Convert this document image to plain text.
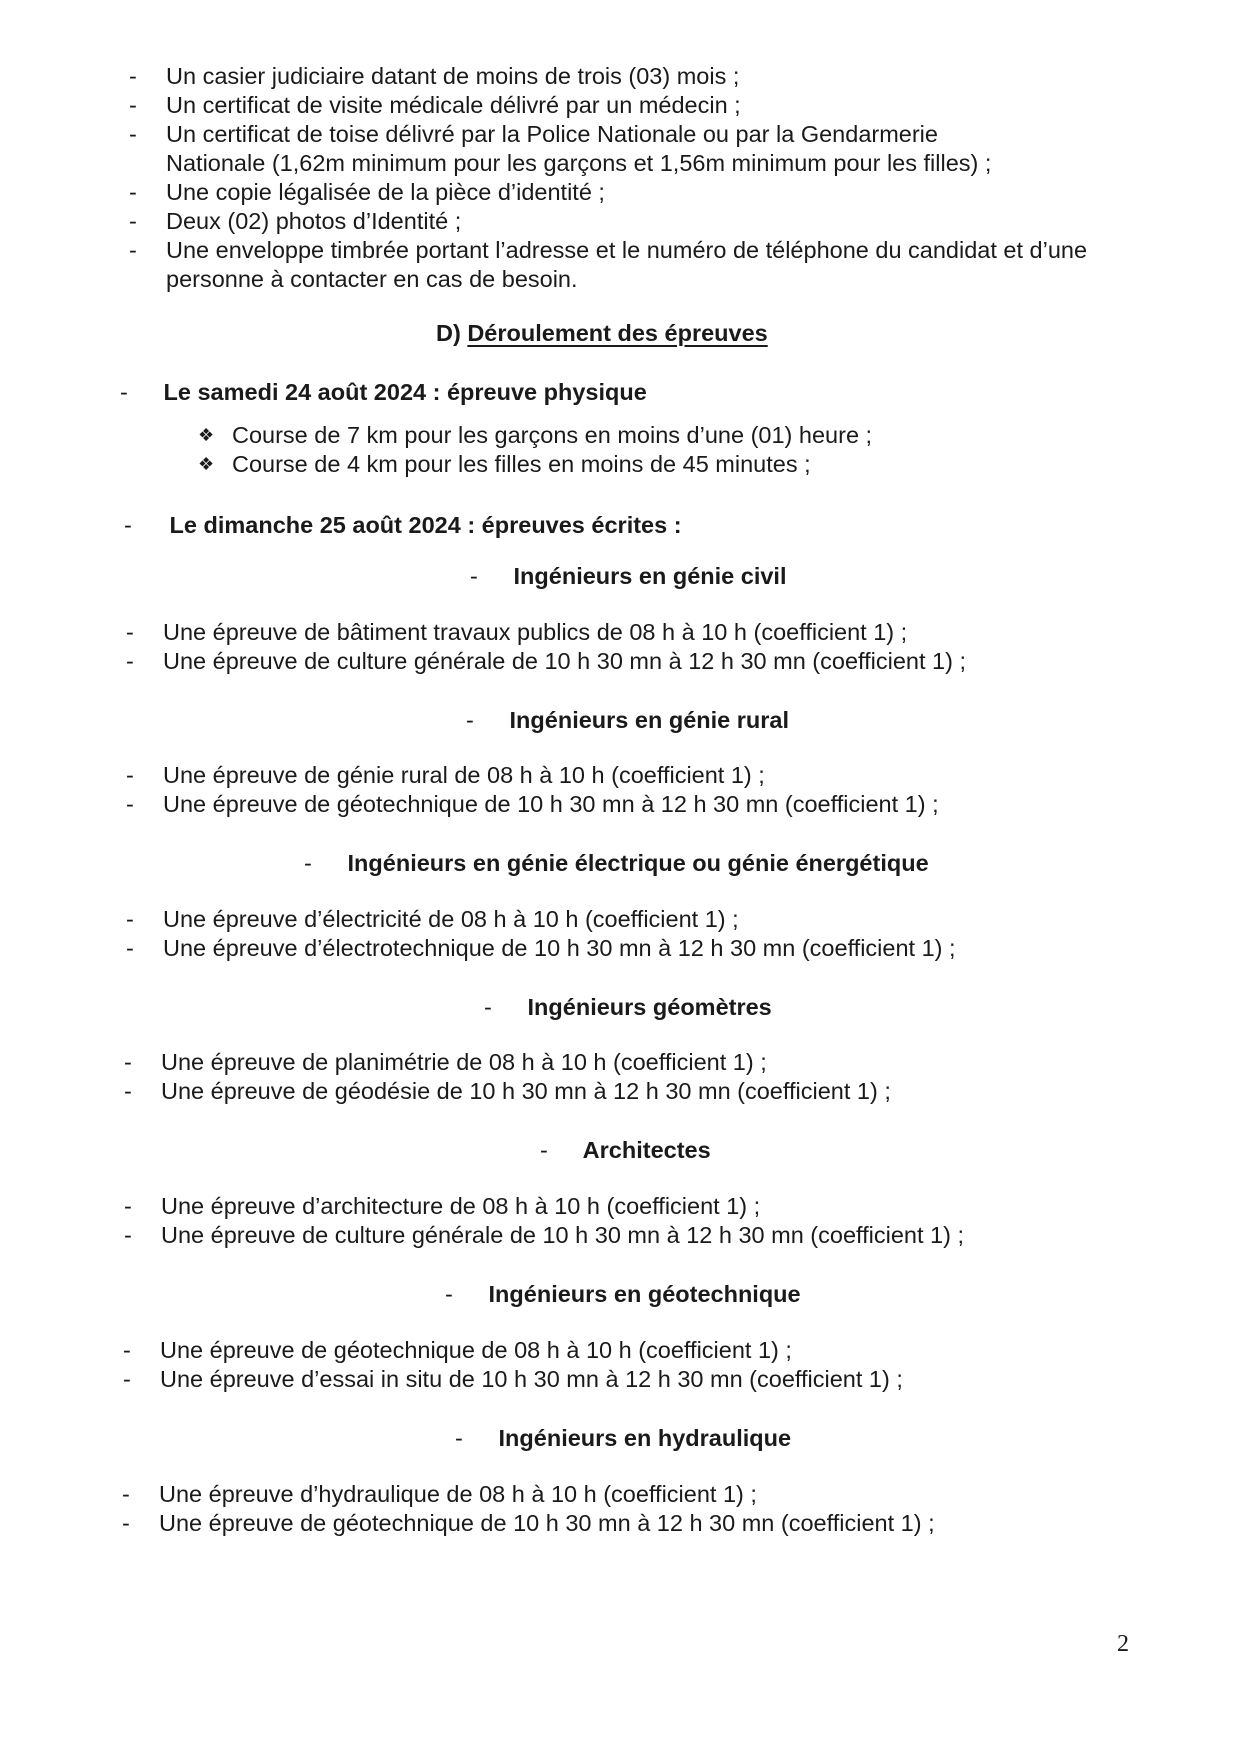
-	Un casier judiciaire datant de moins de trois (03) mois ;
-	Un certificat de visite médicale délivré par un médecin ;
-	Un certificat de toise délivré par la Police Nationale ou par la Gendarmerie
Nationale (1,62m minimum pour les garçons et 1,56m minimum pour les filles) ;
-	Une copie légalisée de la pièce d’identité ;
-	Deux (02) photos d’Identité ;
-	Une enveloppe timbrée portant l’adresse et le numéro de téléphone du candidat et d’une
personne à contacter en cas de besoin.
D) Déroulement des épreuves
- Le samedi 24 août 2024 : épreuve physique
❖ Course de 7 km pour les garçons en moins d’une (01) heure ;
❖ Course de 4 km pour les filles en moins de 45 minutes ;
- Le dimanche 25 août 2024 : épreuves écrites :
- Ingénieurs en génie civil
-	Une épreuve de bâtiment travaux publics de 08 h à 10 h (coefficient 1) ;
-	Une épreuve de culture générale de 10 h 30 mn à 12 h 30 mn (coefficient 1) ;
- Ingénieurs en génie rural
-	Une épreuve de génie rural de 08 h à 10 h (coefficient 1) ;
-	Une épreuve de géotechnique de 10 h 30 mn à 12 h 30 mn (coefficient 1) ;
- Ingénieurs en génie électrique ou génie énergétique
-	Une épreuve d’électricité de 08 h à 10 h (coefficient 1) ;
-	Une épreuve d’électrotechnique de 10 h 30 mn à 12 h 30 mn (coefficient 1) ;
- Ingénieurs géomètres
-	Une épreuve de planimétrie de 08 h à 10 h (coefficient 1) ;
-	Une épreuve de géodésie de 10 h 30 mn à 12 h 30 mn (coefficient 1) ;
- Architectes
-	Une épreuve d’architecture de 08 h à 10 h (coefficient 1) ;
-	Une épreuve de culture générale de 10 h 30 mn à 12 h 30 mn (coefficient 1) ;
- Ingénieurs en géotechnique
-	Une épreuve de géotechnique de 08 h à 10 h (coefficient 1) ;
-	Une épreuve d’essai in situ de 10 h 30 mn à 12 h 30 mn (coefficient 1) ;
- Ingénieurs en hydraulique
-	Une épreuve d’hydraulique de 08 h à 10 h (coefficient 1) ;
-	Une épreuve de géotechnique de 10 h 30 mn à 12 h 30 mn (coefficient 1) ;
2
